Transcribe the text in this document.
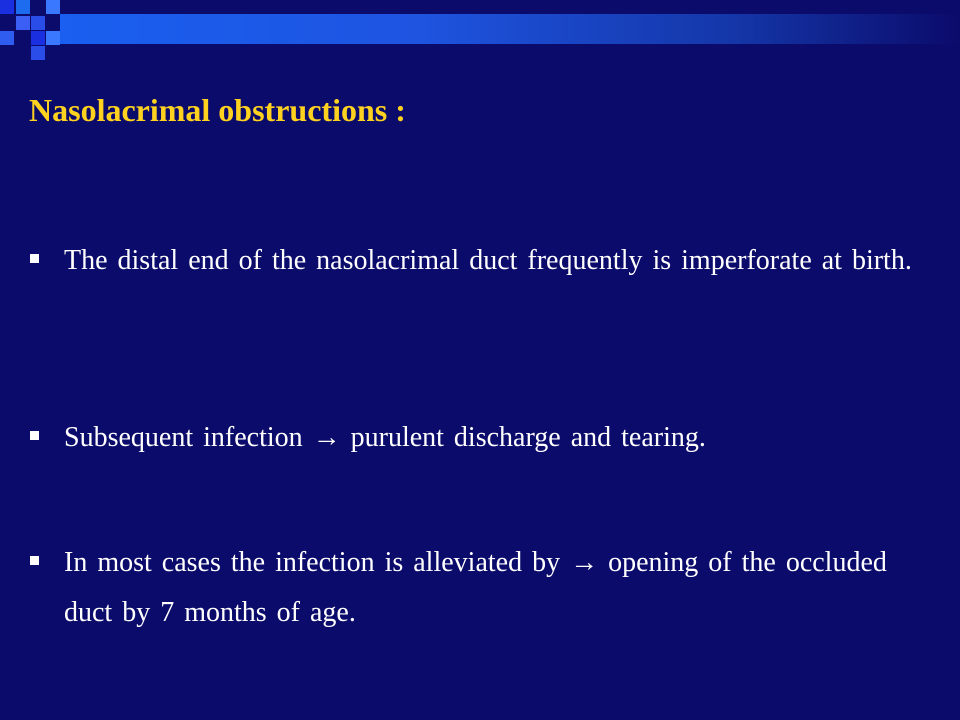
Nasolacrimal obstructions :
The distal end of the nasolacrimal duct frequently is imperforate at birth.
Subsequent infection → purulent discharge and tearing.
In most cases the infection is alleviated by → opening of the occluded duct by 7 months of age.
